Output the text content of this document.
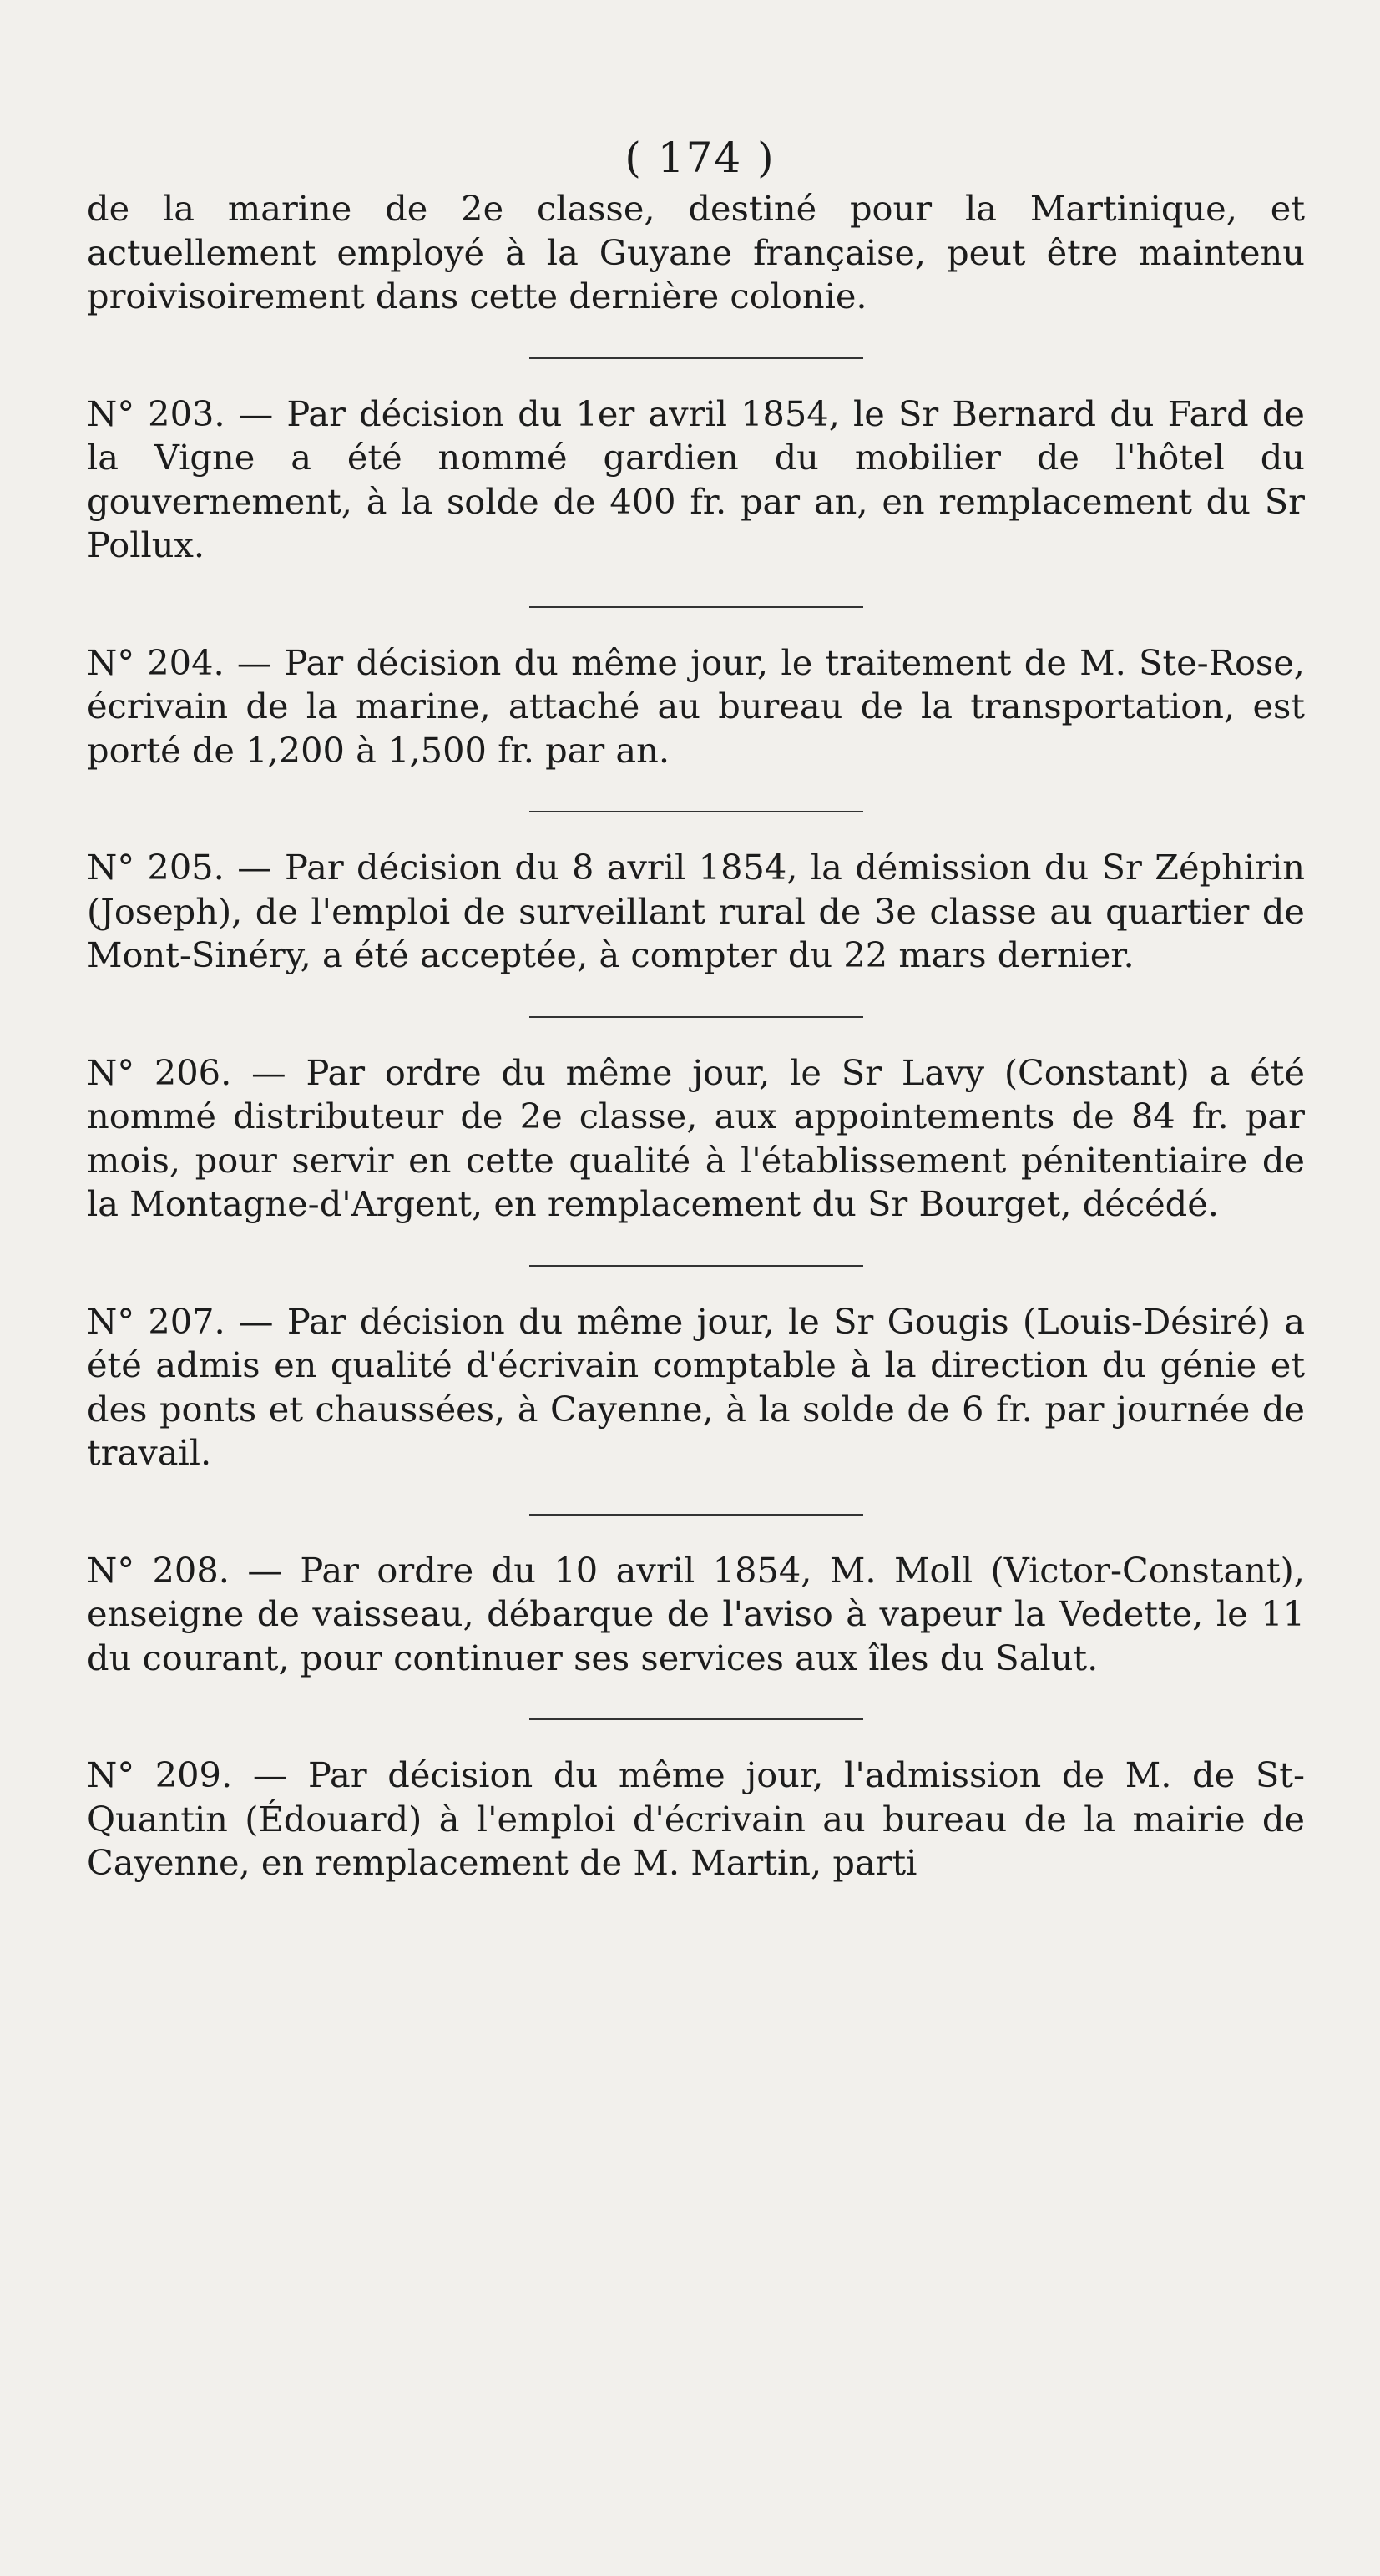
( 174 )

de la marine de 2e classe, destiné pour la Martinique, et actuellement employé à la Guyane française, peut être maintenu proivisoirement dans cette dernière colonie.

N° 203. — Par décision du 1er avril 1854, le Sr Bernard du Fard de la Vigne a été nommé gardien du mobilier de l'hôtel du gouvernement, à la solde de 400 fr. par an, en remplacement du Sr Pollux.

N° 204. — Par décision du même jour, le traitement de M. Ste-Rose, écrivain de la marine, attaché au bureau de la transportation, est porté de 1,200 à 1,500 fr. par an.

N° 205. — Par décision du 8 avril 1854, la démission du Sr Zéphirin (Joseph), de l'emploi de surveillant rural de 3e classe au quartier de Mont-Sinéry, a été acceptée, à compter du 22 mars dernier.

N° 206. — Par ordre du même jour, le Sr Lavy (Constant) a été nommé distributeur de 2e classe, aux appointements de 84 fr. par mois, pour servir en cette qualité à l'établissement pénitentiaire de la Montagne-d'Argent, en remplacement du Sr Bourget, décédé.

N° 207. — Par décision du même jour, le Sr Gougis (Louis-Désiré) a été admis en qualité d'écrivain comptable à la direction du génie et des ponts et chaussées, à Cayenne, à la solde de 6 fr. par journée de travail.

N° 208. — Par ordre du 10 avril 1854, M. Moll (Victor-Constant), enseigne de vaisseau, débarque de l'aviso à vapeur la Vedette, le 11 du courant, pour continuer ses services aux îles du Salut.

N° 209. — Par décision du même jour, l'admission de M. de St-Quantin (Édouard) à l'emploi d'écrivain au bureau de la mairie de Cayenne, en remplacement de M. Martin, parti
